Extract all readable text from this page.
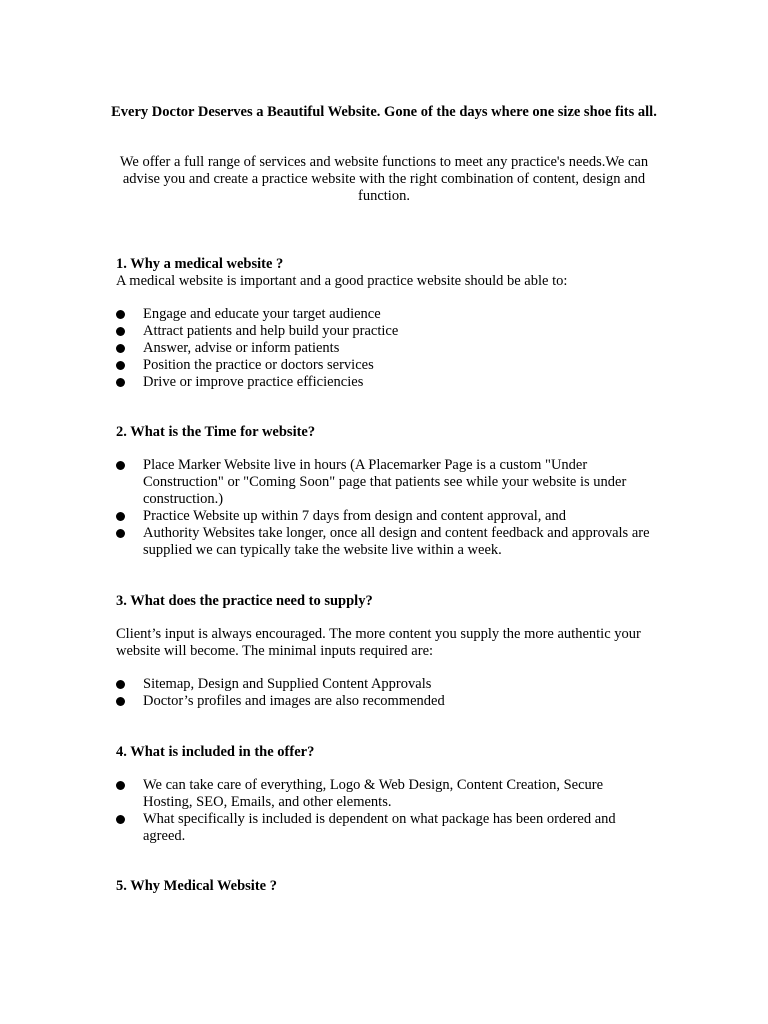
Every Doctor Deserves a Beautiful Website. Gone of the days where one size shoe fits all.
We offer a full range of services and website functions to meet any practice's needs.We can advise you and create a practice website with the right combination of content, design and function.
1. Why a medical website ?
A medical website is important and a good practice website should be able to:
Engage and educate your target audience
Attract patients and help build your practice
Answer, advise or inform patients
Position the practice or doctors services
Drive or improve practice efficiencies
2. What is the Time for website?
Place Marker Website live in hours (A Placemarker Page is a custom "Under Construction" or "Coming Soon" page that patients see while your website is under construction.)
Practice Website up within 7 days from design and content approval, and
Authority Websites take longer, once all design and content feedback and approvals are supplied we can typically take the website live within a week.
3. What does the practice need to supply?
Client’s input is always encouraged. The more content you supply the more authentic your website will become. The minimal inputs required are:
Sitemap, Design and Supplied Content Approvals
Doctor’s profiles and images are also recommended
4. What is included in the offer?
We can take care of everything, Logo & Web Design, Content Creation, Secure Hosting, SEO, Emails, and other elements.
What specifically is included is dependent on what package has been ordered and agreed.
5. Why Medical Website ?
